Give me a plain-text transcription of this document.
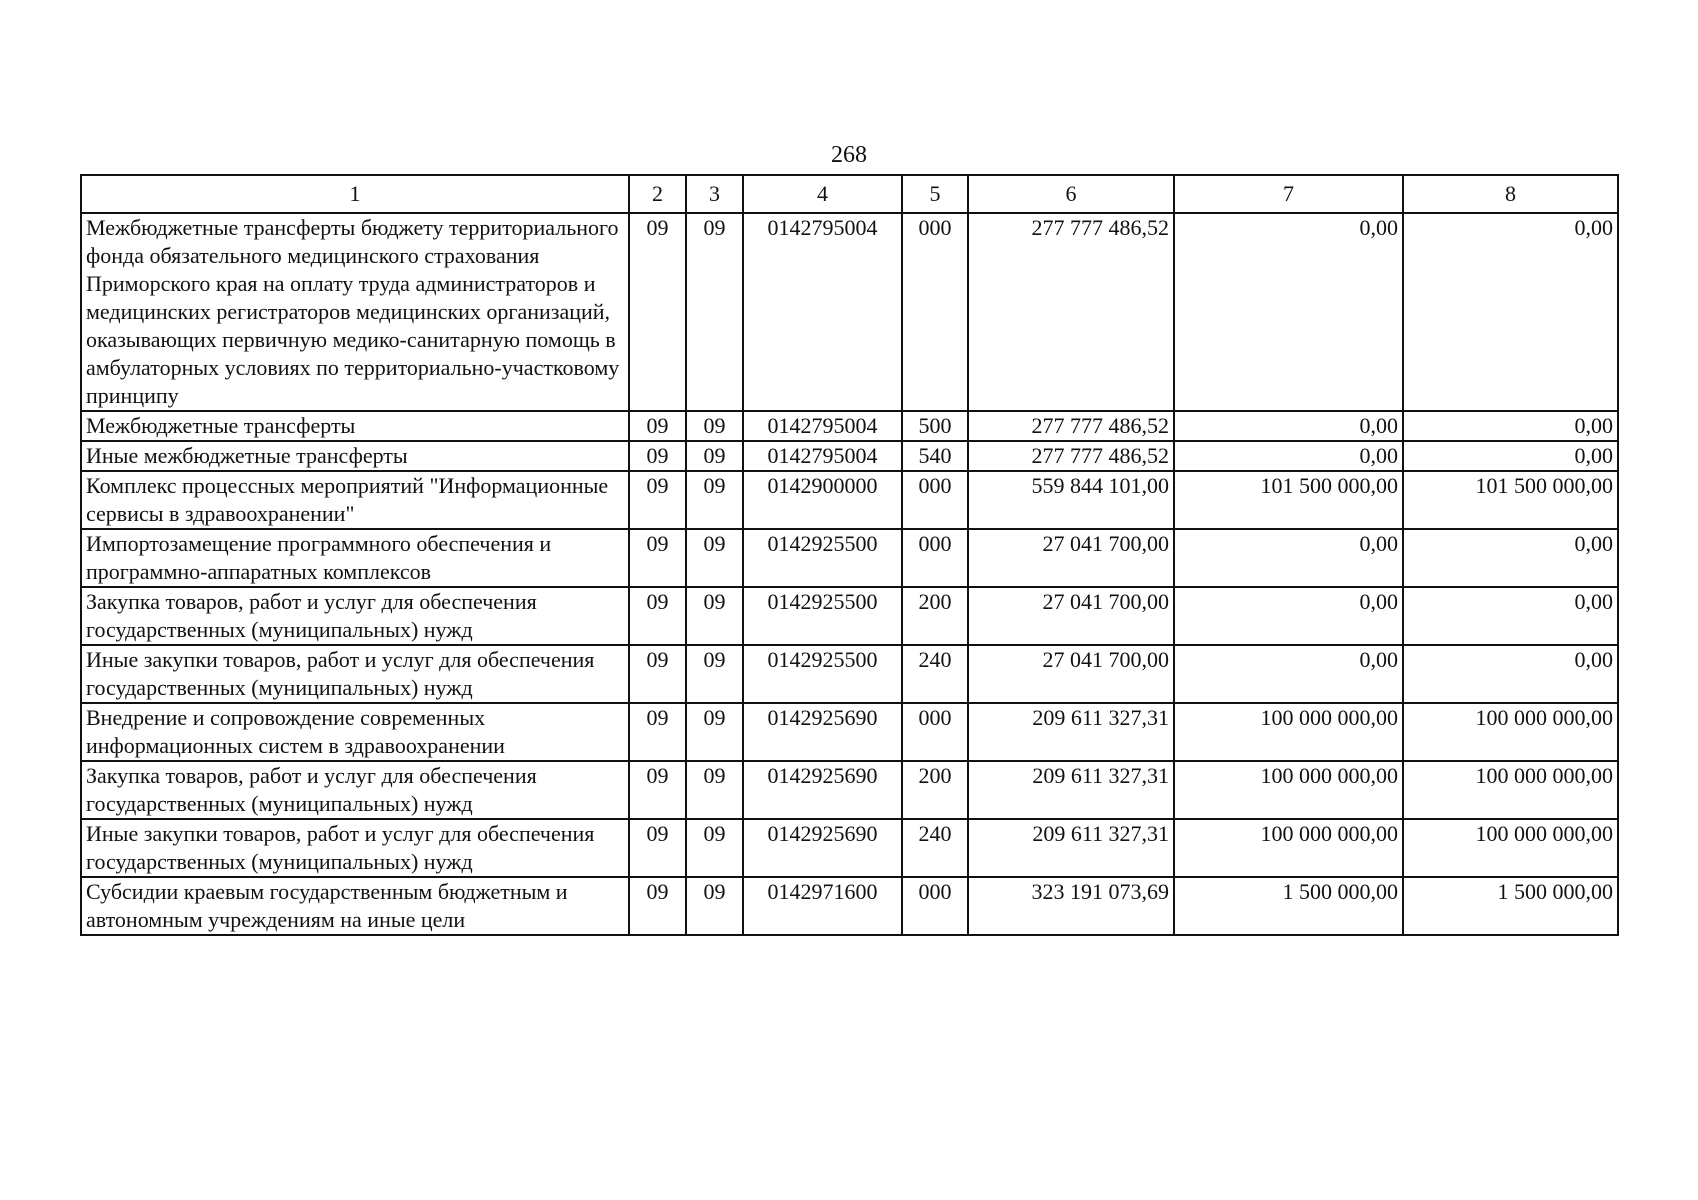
268
1	2	3	4	5	6	7	8
Межбюджетные трансферты бюджету территориального фонда обязательного медицинского страхования Приморского края на оплату труда администраторов и медицинских регистраторов медицинских организаций, оказывающих первичную медико-санитарную помощь в амбулаторных условиях по территориально-участковому принципу	09	09	0142795004	000	277 777 486,52	0,00	0,00
Межбюджетные трансферты	09	09	0142795004	500	277 777 486,52	0,00	0,00
Иные межбюджетные трансферты	09	09	0142795004	540	277 777 486,52	0,00	0,00
Комплекс процессных мероприятий "Информационные сервисы в здравоохранении"	09	09	0142900000	000	559 844 101,00	101 500 000,00	101 500 000,00
Импортозамещение программного обеспечения и программно-аппаратных комплексов	09	09	0142925500	000	27 041 700,00	0,00	0,00
Закупка товаров, работ и услуг для обеспечения государственных (муниципальных) нужд	09	09	0142925500	200	27 041 700,00	0,00	0,00
Иные закупки товаров, работ и услуг для обеспечения государственных (муниципальных) нужд	09	09	0142925500	240	27 041 700,00	0,00	0,00
Внедрение и сопровождение современных информационных систем в здравоохранении	09	09	0142925690	000	209 611 327,31	100 000 000,00	100 000 000,00
Закупка товаров, работ и услуг для обеспечения государственных (муниципальных) нужд	09	09	0142925690	200	209 611 327,31	100 000 000,00	100 000 000,00
Иные закупки товаров, работ и услуг для обеспечения государственных (муниципальных) нужд	09	09	0142925690	240	209 611 327,31	100 000 000,00	100 000 000,00
Субсидии краевым государственным бюджетным и автономным учреждениям на иные цели	09	09	0142971600	000	323 191 073,69	1 500 000,00	1 500 000,00
